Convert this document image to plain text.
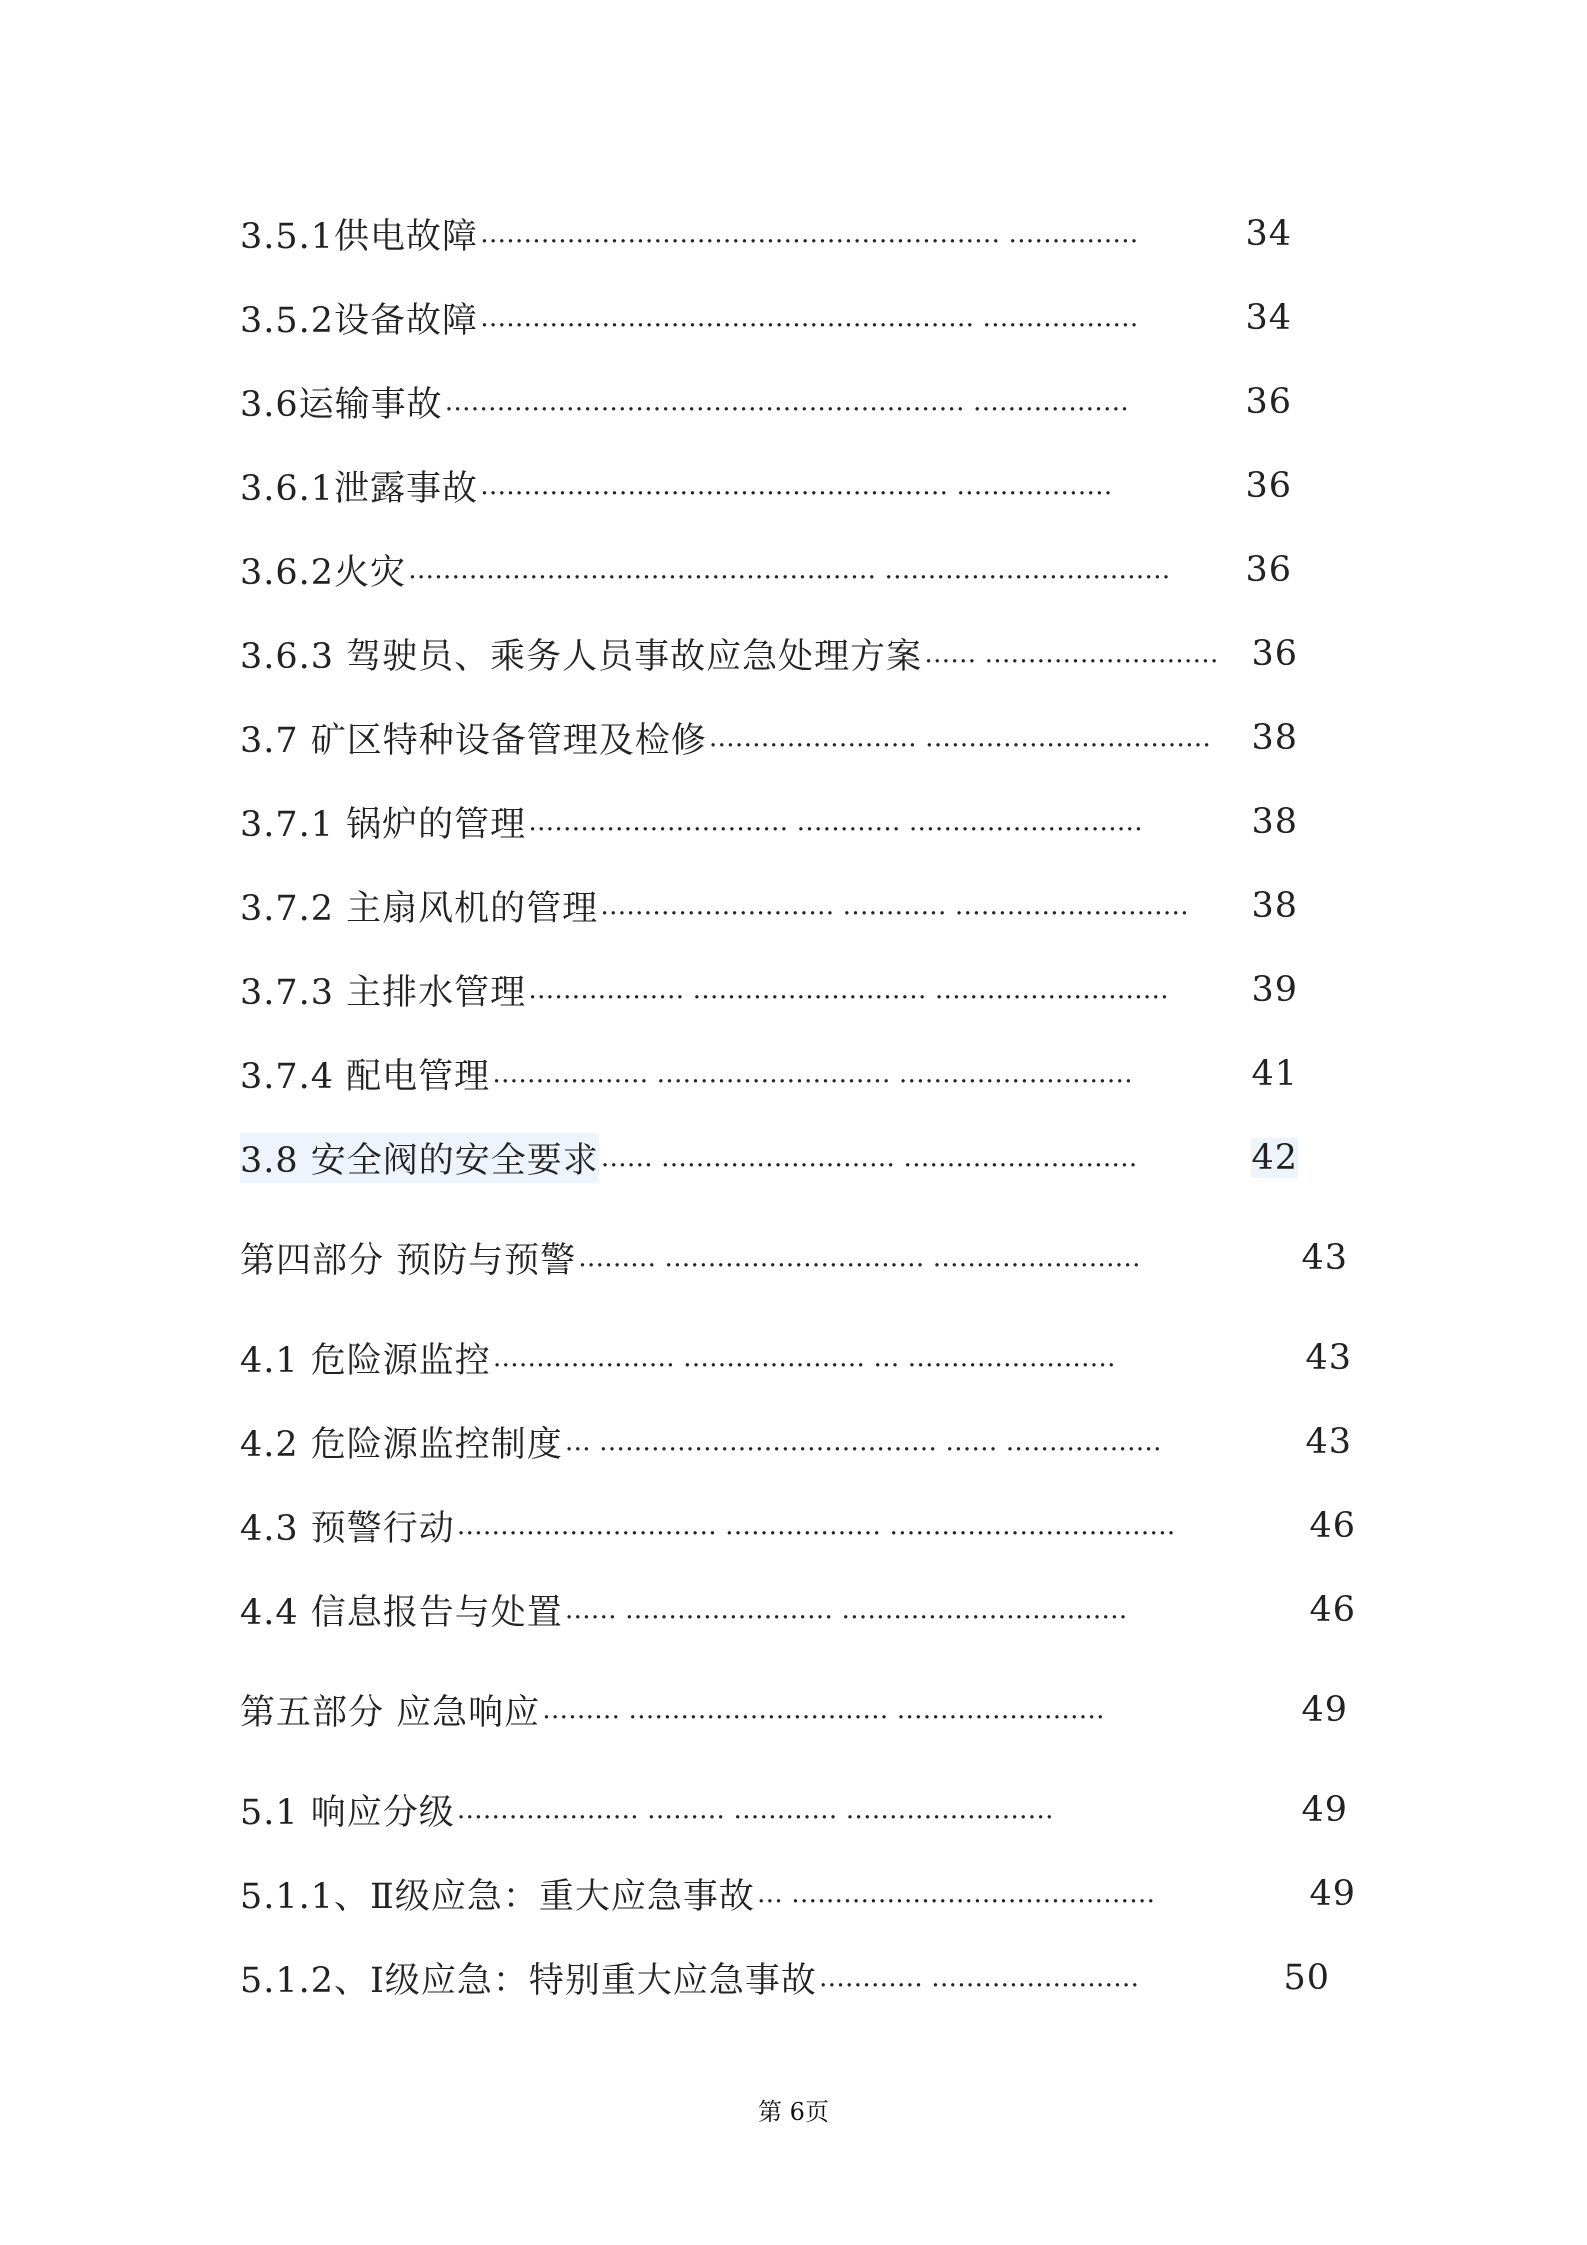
3.5.1供电故障 …………………………………………………… ……………	34
3.5.2设备故障 ………………………………………………… ………………	34
3.6运输事故 …………………………………………………… ………………	36
3.6.1泄露事故 ……………………………………………… ………………	36
3.6.2火灾 ……………………………………………… ……………………………	36
3.6.3 驾驶员、乘务人员事故应急处理方案 …… ……………………… 36
3.7 矿区特种设备管理及检修 …………………… ……………………………	38
3.7.1 锅炉的管理 ………………………… ………… ………………………	38
3.7.2 主扇风机的管理 ……………………… ………… ………………………	38
3.7.3 主排水管理 ……………… ……………………… ………………………	39
3.7.4 配电管理 ……………… ……………………… ………………………	41
3.8 安全阀的安全要求 …… ……………………… ………………………	42
第四部分 预防与预警 ……… ………………………… ……………………	43
4.1 危险源监控 ………………… ………………… … ……………………	43
4.2 危险源监控制度 … ………………………………… …… ………………	43
4.3 预警行动 ………………………… ……………… ……………………………	46
4.4 信息报告与处置 …… …………………… ……………………………	46
第五部分 应急响应 ……… ………………………… ……………………	49
5.1 响应分级 ………………… ……… ………… ……………………	49
5.1.1、Ⅱ级应急：重大应急事故 … ……………………………………	49
5.1.2、Ⅰ级应急：特别重大应急事故 ………… ……………………	50
第 6页
